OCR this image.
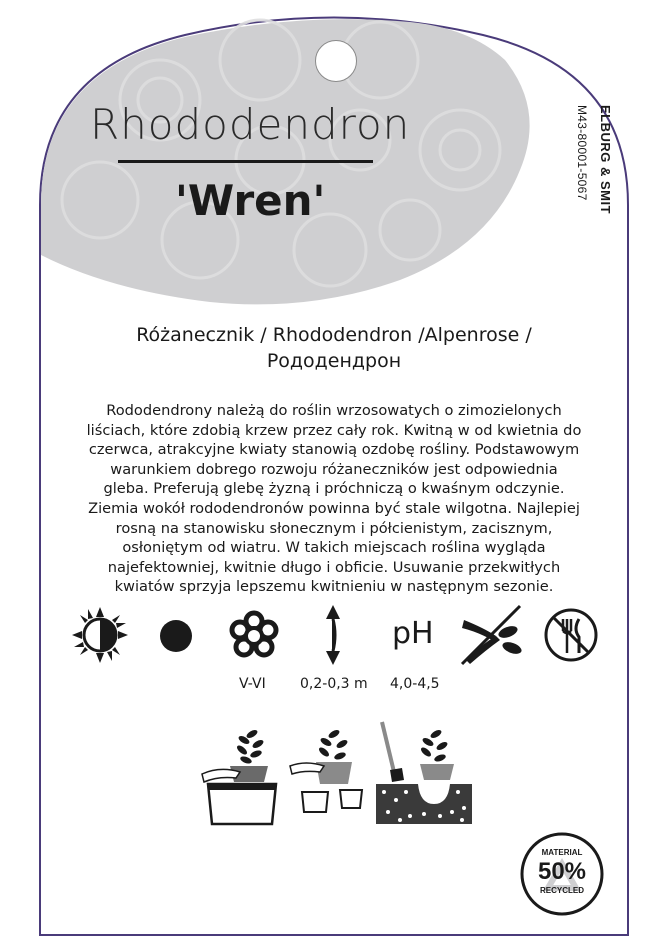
Rhododendron
'Wren'	ELBURG & SMIT
M43-80001-5067
Różanecznik / Rhododendron /Alpenrose /
Рододендрон
Rododendrony należą do roślin wrzosowatych o zimozielonych
liściach, które zdobią krzew przez cały rok. Kwitną w od kwietnia do
czerwca, atrakcyjne kwiaty stanowią ozdobę rośliny. Podstawowym
warunkiem dobrego rozwoju różaneczników jest odpowiednia
gleba. Preferują glebę żyzną i próchniczą o kwaśnym odczynie.
Ziemia wokół rododendronów powinna być stale wilgotna. Najlepiej
rosną na stanowisku słonecznym i półcienistym, zacisznym,
osłoniętym od wiatru. W takich miejscach roślina wygląda
najefektowniej, kwitnie długo i obficie. Usuwanie przekwitłych
kwiatów sprzyja lepszemu kwitnieniu w następnym sezonie.
pH
V-VI 0,2-0,3 m 4,0-4,5
MATERIAL
50%
RECYCLED
